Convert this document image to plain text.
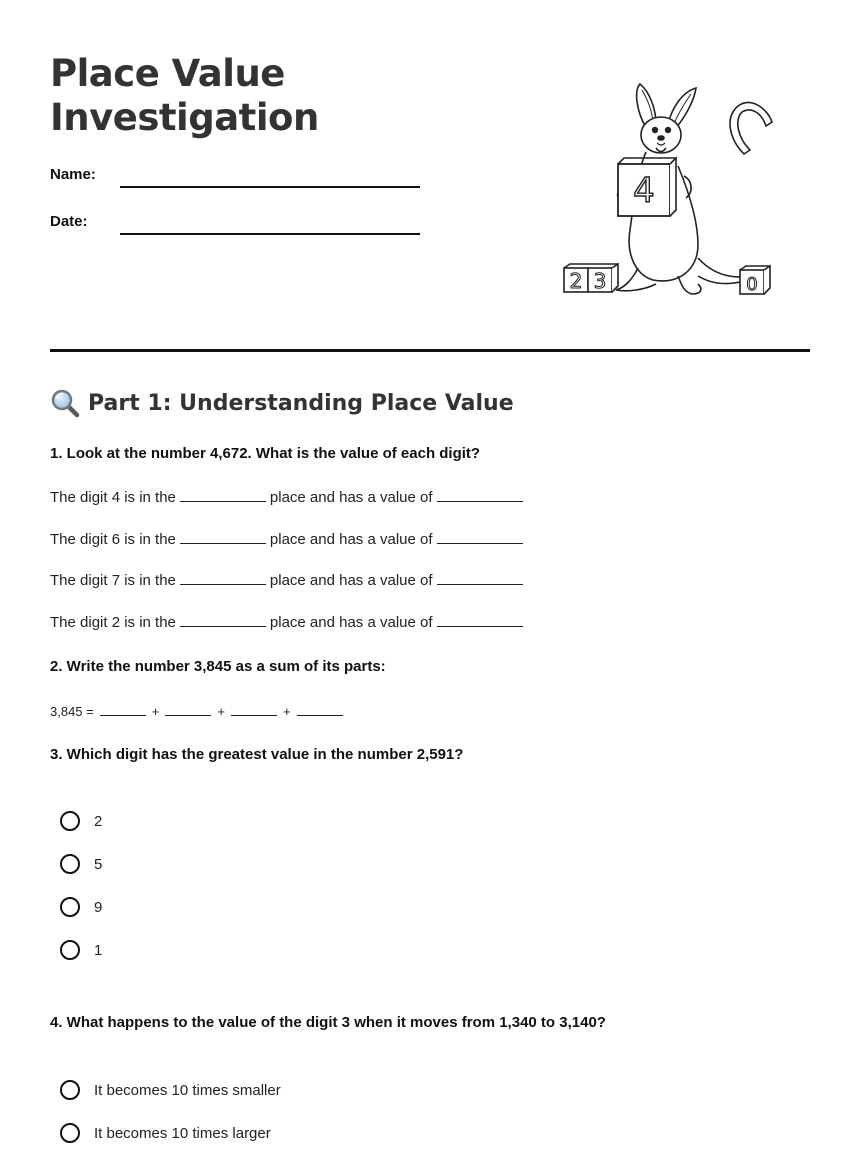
Place Value
Investigation
Name:
Date:
4
2 3	0
Part 1: Understanding Place Value
1. Look at the number 4,672. What is the value of each digit?
The digit 4 is in the	place and has a value of
The digit 6 is in the	place and has a value of
The digit 7 is in the	place and has a value of
The digit 2 is in the	place and has a value of
2. Write the number 3,845 as a sum of its parts:
3,845 =	+	+	+
3. Which digit has the greatest value in the number 2,591?
2
5
9
1
4. What happens to the value of the digit 3 when it moves from 1,340 to 3,140?
It becomes 10 times smaller
It becomes 10 times larger
